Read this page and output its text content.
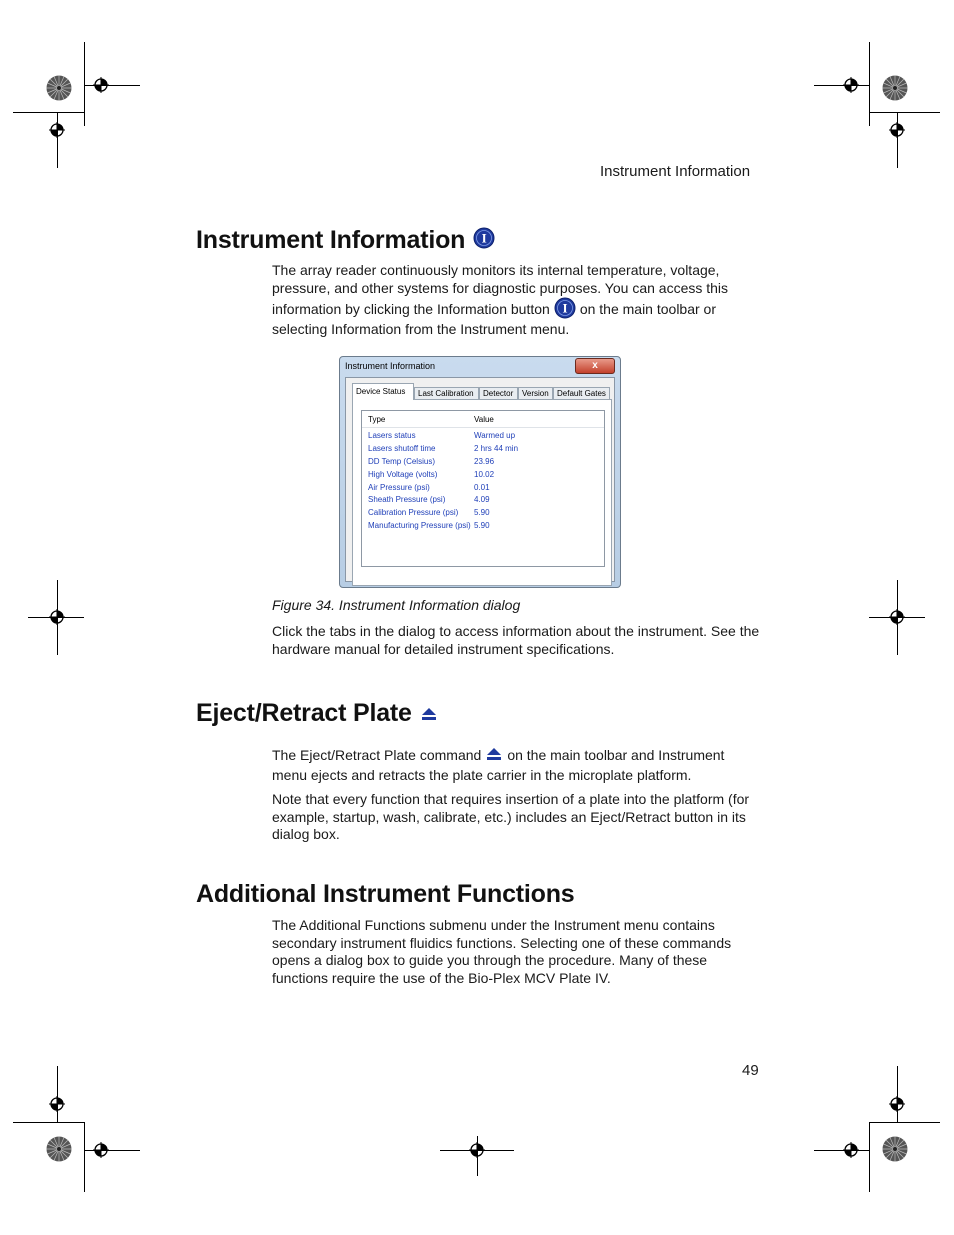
Instrument Information
Instrument Information I

The array reader continuously monitors its internal temperature, voltage, pressure, and other systems for diagnostic purposes. You can access this information by clicking the Information button I on the main toolbar or selecting Information from the Instrument menu.

Instrument Information	x
Device Status	Last Calibration	Detector	Version	Default Gates
Type	Value
Lasers status	Warmed up
Lasers shutoff time	2 hrs 44 min
DD Temp (Celsius)	23.96
High Voltage (volts)	10.02
Air Pressure (psi)	0.01
Sheath Pressure (psi)	4.09
Calibration Pressure (psi) 5.90
Manufacturing Pressure (psi) 5.90
Figure 34. Instrument Information dialog

Click the tabs in the dialog to access information about the instrument. See the hardware manual for detailed instrument specifications.

Eject/Retract Plate

The Eject/Retract Plate command on the main toolbar and Instrument menu ejects and retracts the plate carrier in the microplate platform.

Note that every function that requires insertion of a plate into the platform (for example, startup, wash, calibrate, etc.) includes an Eject/Retract button in its dialog box.

Additional Instrument Functions

The Additional Functions submenu under the Instrument menu contains secondary instrument fluidics functions. Selecting one of these commands opens a dialog box to guide you through the procedure. Many of these functions require the use of the Bio-Plex MCV Plate IV.

49
